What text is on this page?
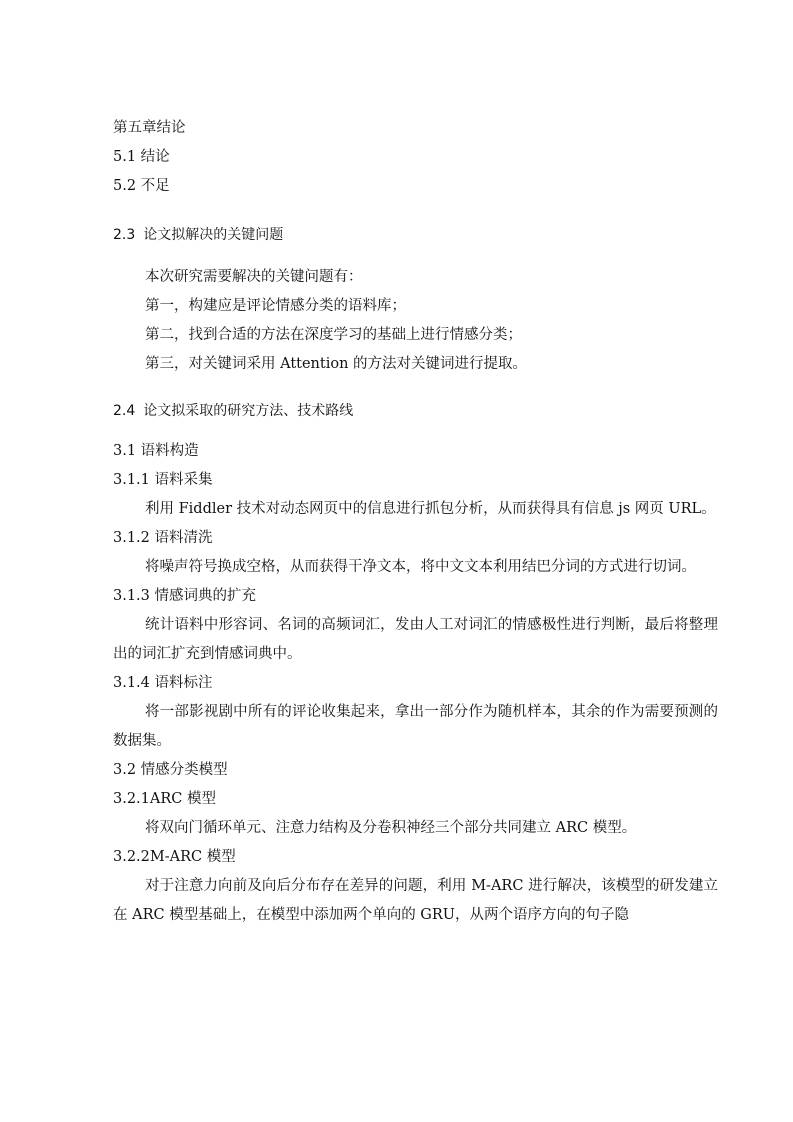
第五章结论
5.1 结论
5.2 不足
2.3 论文拟解决的关键问题
本次研究需要解决的关键问题有：
第一，构建应是评论情感分类的语料库；
第二，找到合适的方法在深度学习的基础上进行情感分类；
第三，对关键词采用 Attention 的方法对关键词进行提取。
2.4 论文拟采取的研究方法、技术路线
3.1 语料构造
3.1.1 语料采集
利用 Fiddler 技术对动态网页中的信息进行抓包分析，从而获得具有信息 js 网页 URL。
3.1.2 语料清洗
将噪声符号换成空格，从而获得干净文本，将中文文本利用结巴分词的方式进行切词。
3.1.3 情感词典的扩充
统计语料中形容词、名词的高频词汇，发由人工对词汇的情感极性进行判断，最后将整理出的词汇扩充到情感词典中。
3.1.4 语料标注
将一部影视剧中所有的评论收集起来，拿出一部分作为随机样本，其余的作为需要预测的数据集。
3.2 情感分类模型
3.2.1ARC 模型
将双向门循环单元、注意力结构及分卷积神经三个部分共同建立 ARC 模型。
3.2.2M-ARC 模型
对于注意力向前及向后分布存在差异的问题，利用 M-ARC 进行解决，该模型的研发建立在 ARC 模型基础上，在模型中添加两个单向的 GRU，从两个语序方向的句子隐
